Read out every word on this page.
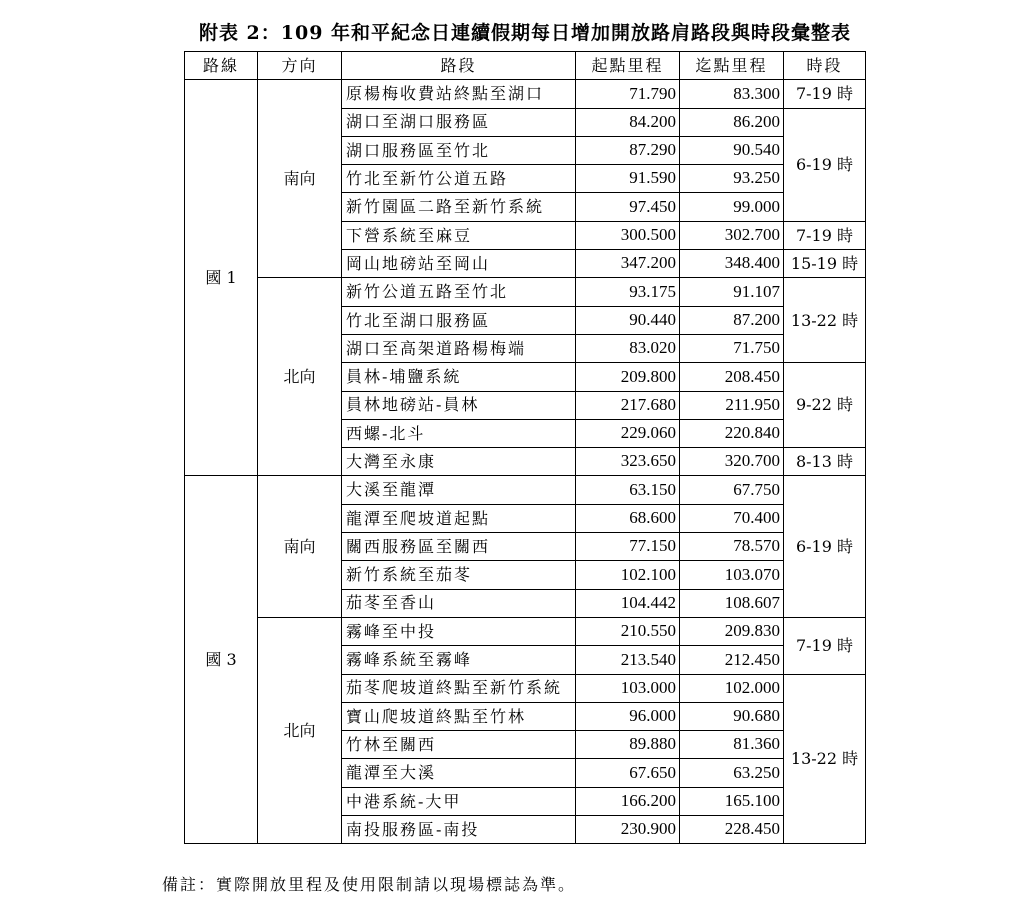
附表 2：109 年和平紀念日連續假期每日增加開放路肩路段與時段彙整表
路線	方向	路段	起點里程	迄點里程	時段
國 1	南向	原楊梅收費站終點至湖口	71.790	83.300	7-19 時
		湖口至湖口服務區	84.200	86.200	6-19 時
		湖口服務區至竹北	87.290	90.540	
		竹北至新竹公道五路	91.590	93.250	
		新竹園區二路至新竹系統	97.450	99.000	
		下營系統至麻豆	300.500	302.700	7-19 時
		岡山地磅站至岡山	347.200	348.400	15-19 時
	北向	新竹公道五路至竹北	93.175	91.107	13-22 時
		竹北至湖口服務區	90.440	87.200	
		湖口至高架道路楊梅端	83.020	71.750	
		員林-埔鹽系統	209.800	208.450	9-22 時
		員林地磅站-員林	217.680	211.950	
		西螺-北斗	229.060	220.840	
		大灣至永康	323.650	320.700	8-13 時
國 3	南向	大溪至龍潭	63.150	67.750	6-19 時
		龍潭至爬坡道起點	68.600	70.400	
		關西服務區至關西	77.150	78.570	
		新竹系統至茄苳	102.100	103.070	
		茄苳至香山	104.442	108.607	
	北向	霧峰至中投	210.550	209.830	7-19 時
		霧峰系統至霧峰	213.540	212.450	
		茄苳爬坡道終點至新竹系統	103.000	102.000	13-22 時
		寶山爬坡道終點至竹林	96.000	90.680	
		竹林至關西	89.880	81.360	
		龍潭至大溪	67.650	63.250	
		中港系統-大甲	166.200	165.100	
		南投服務區-南投	230.900	228.450	
備註：實際開放里程及使用限制請以現場標誌為準。
